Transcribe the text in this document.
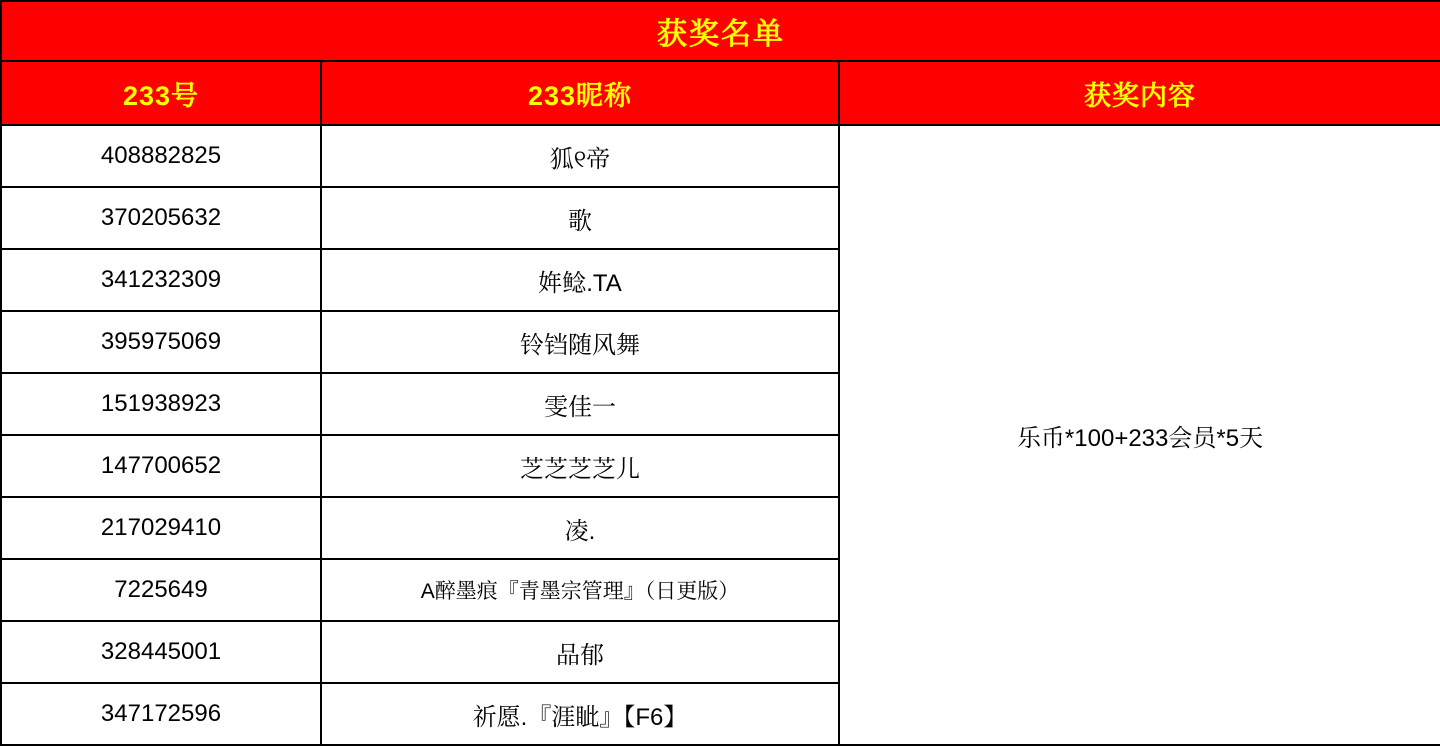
获奖名单		
233号	233昵称	获奖内容
408882825	狐୧帝	乐币*100+233会员*5天
370205632	歌	
341232309	姩鲶.TA	
395975069	铃铛随风舞	
151938923	雯佳一	
147700652	芝芝芝芝儿	
217029410	凌.	
7225649	A醉墨痕『青墨宗管理』（日更版）	
328445001	品郁	
347172596	祈愿.『涯眦』【F6】	
